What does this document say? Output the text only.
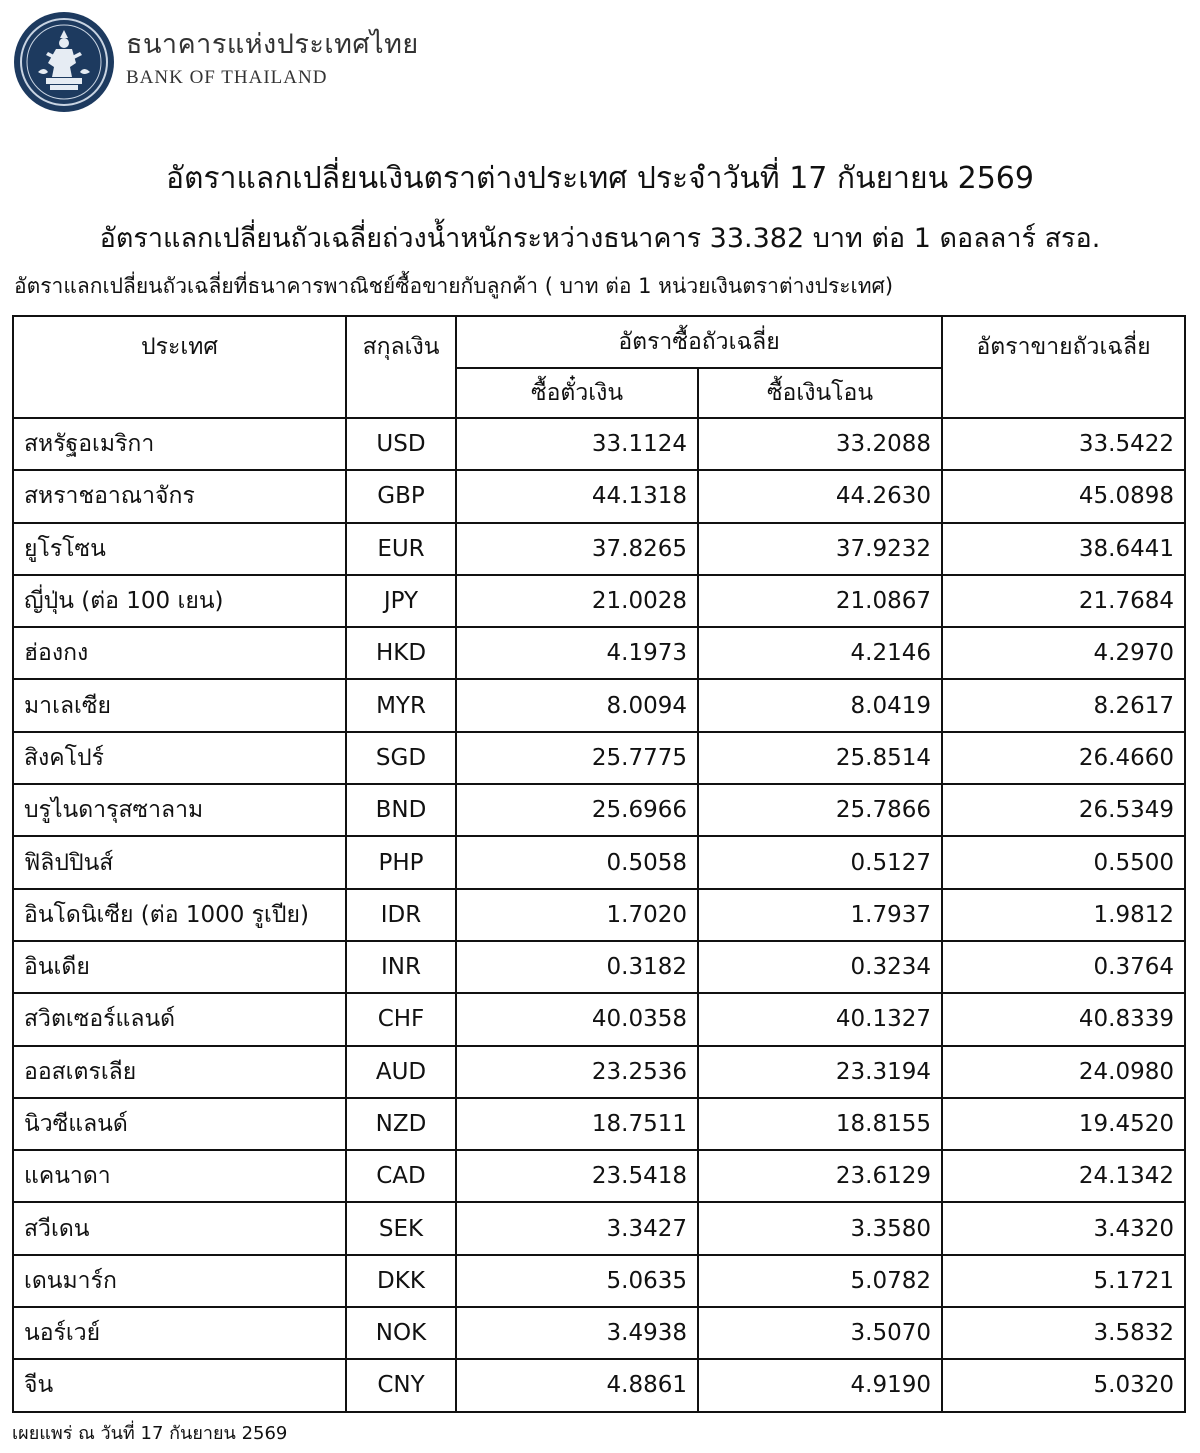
ธนาคารแห่งประเทศไทย
BANK OF THAILAND
อัตราแลกเปลี่ยนเงินตราต่างประเทศ ประจำวันที่ 17 กันยายน 2569
อัตราแลกเปลี่ยนถัวเฉลี่ยถ่วงน้ำหนักระหว่างธนาคาร 33.382 บาท ต่อ 1 ดอลลาร์ สรอ.
อัตราแลกเปลี่ยนถัวเฉลี่ยที่ธนาคารพาณิชย์ซื้อขายกับลูกค้า ( บาท ต่อ 1 หน่วยเงินตราต่างประเทศ)
ประเทศ	สกุลเงิน	อัตราซื้อถัวเฉลี่ย		อัตราขายถัวเฉลี่ย
		ซื้อตั๋วเงิน	ซื้อเงินโอน	
สหรัฐอเมริกา	USD	33.1124	33.2088	33.5422
สหราชอาณาจักร	GBP	44.1318	44.2630	45.0898
ยูโรโซน	EUR	37.8265	37.9232	38.6441
ญี่ปุ่น (ต่อ 100 เยน)	JPY	21.0028	21.0867	21.7684
ฮ่องกง	HKD	4.1973	4.2146	4.2970
มาเลเซีย	MYR	8.0094	8.0419	8.2617
สิงคโปร์	SGD	25.7775	25.8514	26.4660
บรูไนดารุสซาลาม	BND	25.6966	25.7866	26.5349
ฟิลิปปินส์	PHP	0.5058	0.5127	0.5500
อินโดนิเซีย (ต่อ 1000 รูเปีย)	IDR	1.7020	1.7937	1.9812
อินเดีย	INR	0.3182	0.3234	0.3764
สวิตเซอร์แลนด์	CHF	40.0358	40.1327	40.8339
ออสเตรเลีย	AUD	23.2536	23.3194	24.0980
นิวซีแลนด์	NZD	18.7511	18.8155	19.4520
แคนาดา	CAD	23.5418	23.6129	24.1342
สวีเดน	SEK	3.3427	3.3580	3.4320
เดนมาร์ก	DKK	5.0635	5.0782	5.1721
นอร์เวย์	NOK	3.4938	3.5070	3.5832
จีน	CNY	4.8861	4.9190	5.0320
เผยแพร่ ณ วันที่ 17 กันยายน 2569
